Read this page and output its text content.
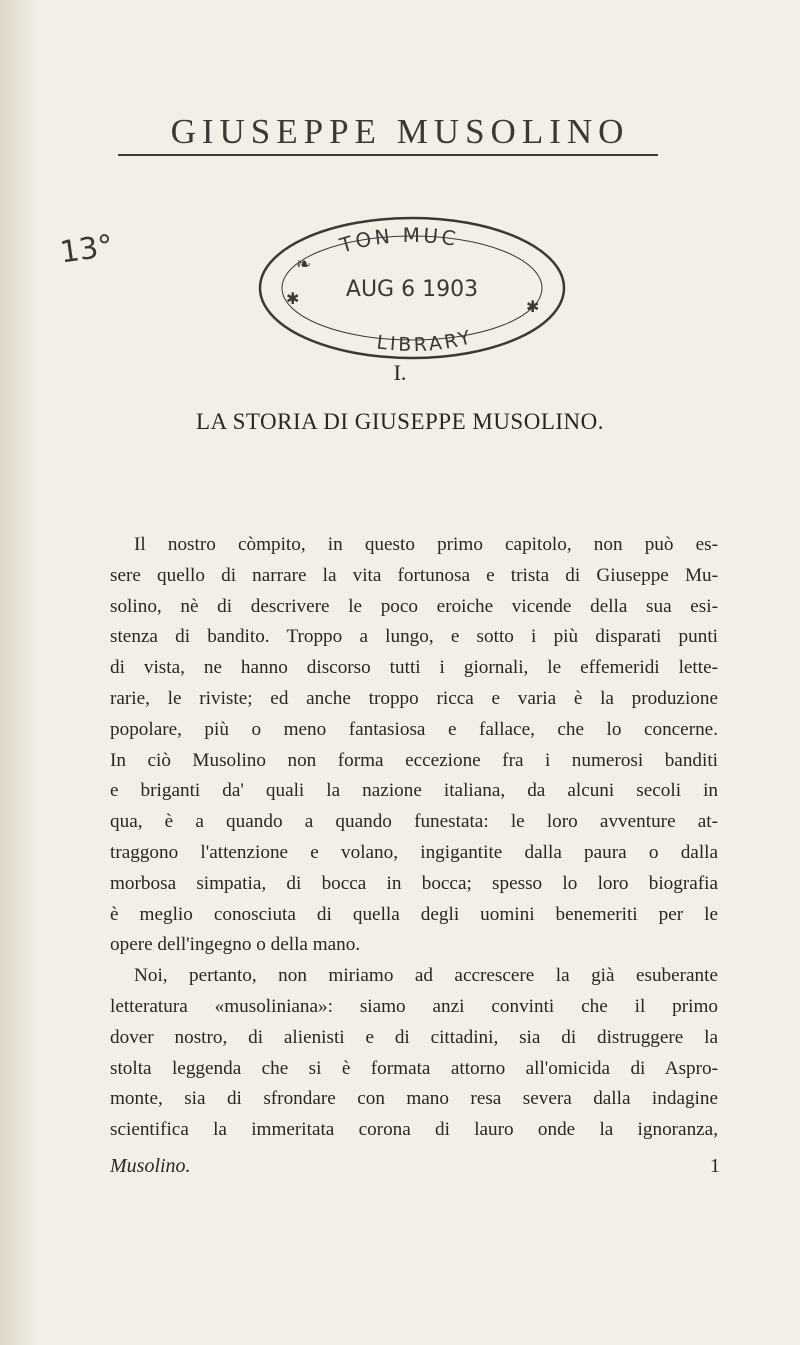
GIUSEPPE MUSOLINO
13°	TON MUC
AUG 6 1903
LIBRARY
✱	✱
❧
I.
LA STORIA DI GIUSEPPE MUSOLINO.

Il nostro còmpito, in questo primo capitolo, non può es-

sere quello di narrare la vita fortunosa e trista di Giuseppe Mu-

solino, nè di descrivere le poco eroiche vicende della sua esi-

stenza di bandito. Troppo a lungo, e sotto i più disparati punti

di vista, ne hanno discorso tutti i giornali, le effemeridi lette-

rarie, le riviste; ed anche troppo ricca e varia è la produzione

popolare, più o meno fantasiosa e fallace, che lo concerne.

In ciò Musolino non forma eccezione fra i numerosi banditi

e briganti da' quali la nazione italiana, da alcuni secoli in

qua, è a quando a quando funestata: le loro avventure at-

traggono l'attenzione e volano, ingigantite dalla paura o dalla

morbosa simpatia, di bocca in bocca; spesso lo loro biografia

è meglio conosciuta di quella degli uomini benemeriti per le

opere dell'ingegno o della mano.

Noi, pertanto, non miriamo ad accrescere la già esuberante

letteratura «musoliniana»: siamo anzi convinti che il primo

dover nostro, di alienisti e di cittadini, sia di distruggere la

stolta leggenda che si è formata attorno all'omicida di Aspro-

monte, sia di sfrondare con mano resa severa dalla indagine

scientifica la immeritata corona di lauro onde la ignoranza,

Musolino.	1
